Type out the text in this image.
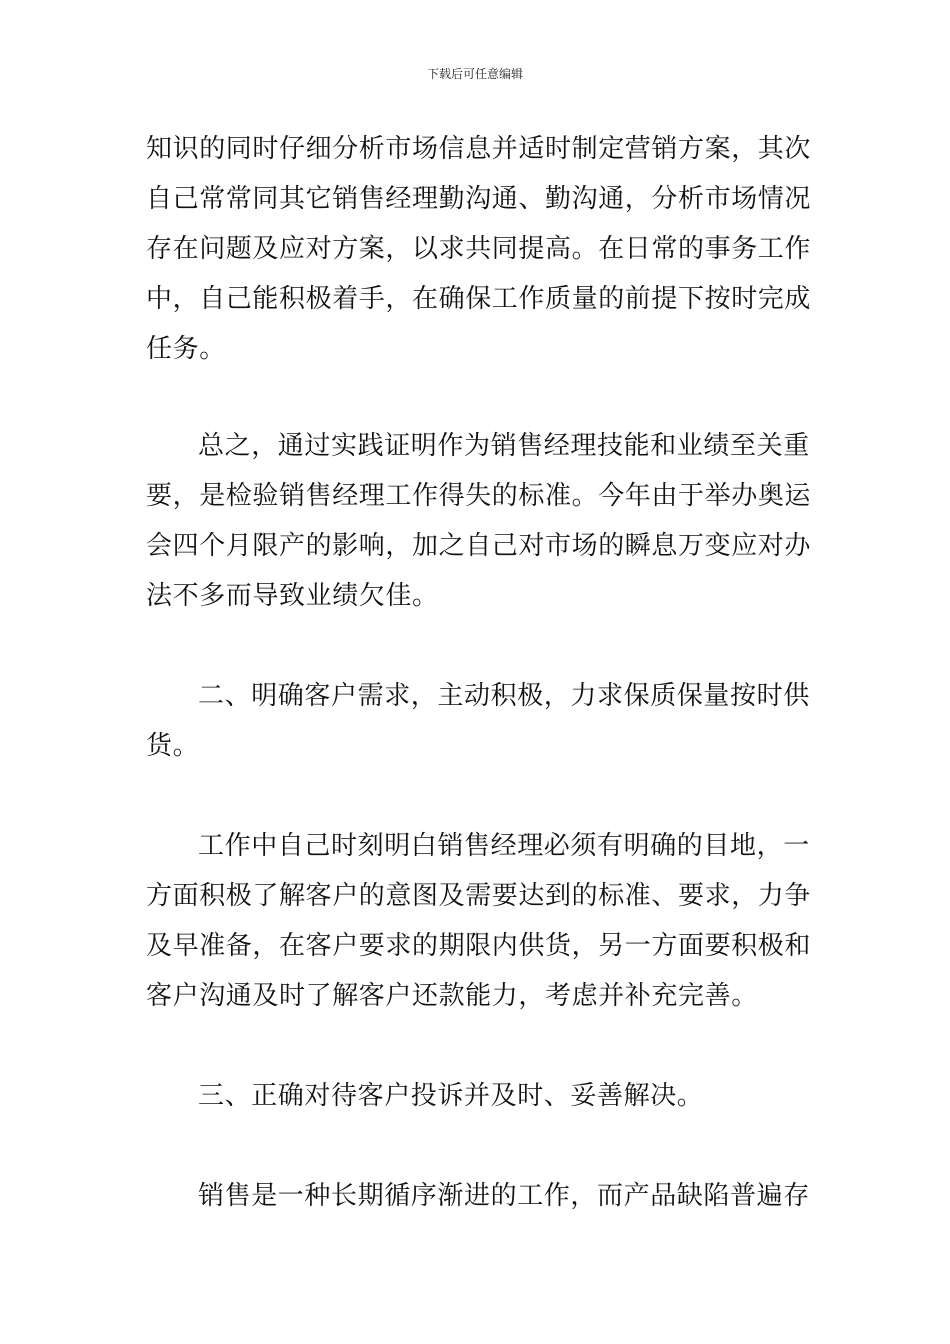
下载后可任意编辑
知识的同时仔细分析市场信息并适时制定营销方案，其次
自己常常同其它销售经理勤沟通、勤沟通，分析市场情况
存在问题及应对方案，以求共同提高。在日常的事务工作
中，自己能积极着手，在确保工作质量的前提下按时完成
任务。
总之，通过实践证明作为销售经理技能和业绩至关重
要，是检验销售经理工作得失的标准。今年由于举办奥运
会四个月限产的影响，加之自己对市场的瞬息万变应对办
法不多而导致业绩欠佳。
二、明确客户需求，主动积极，力求保质保量按时供
货。
工作中自己时刻明白销售经理必须有明确的目地，一
方面积极了解客户的意图及需要达到的标准、要求，力争
及早准备，在客户要求的期限内供货，另一方面要积极和
客户沟通及时了解客户还款能力，考虑并补充完善。
三、正确对待客户投诉并及时、妥善解决。
销售是一种长期循序渐进的工作，而产品缺陷普遍存
